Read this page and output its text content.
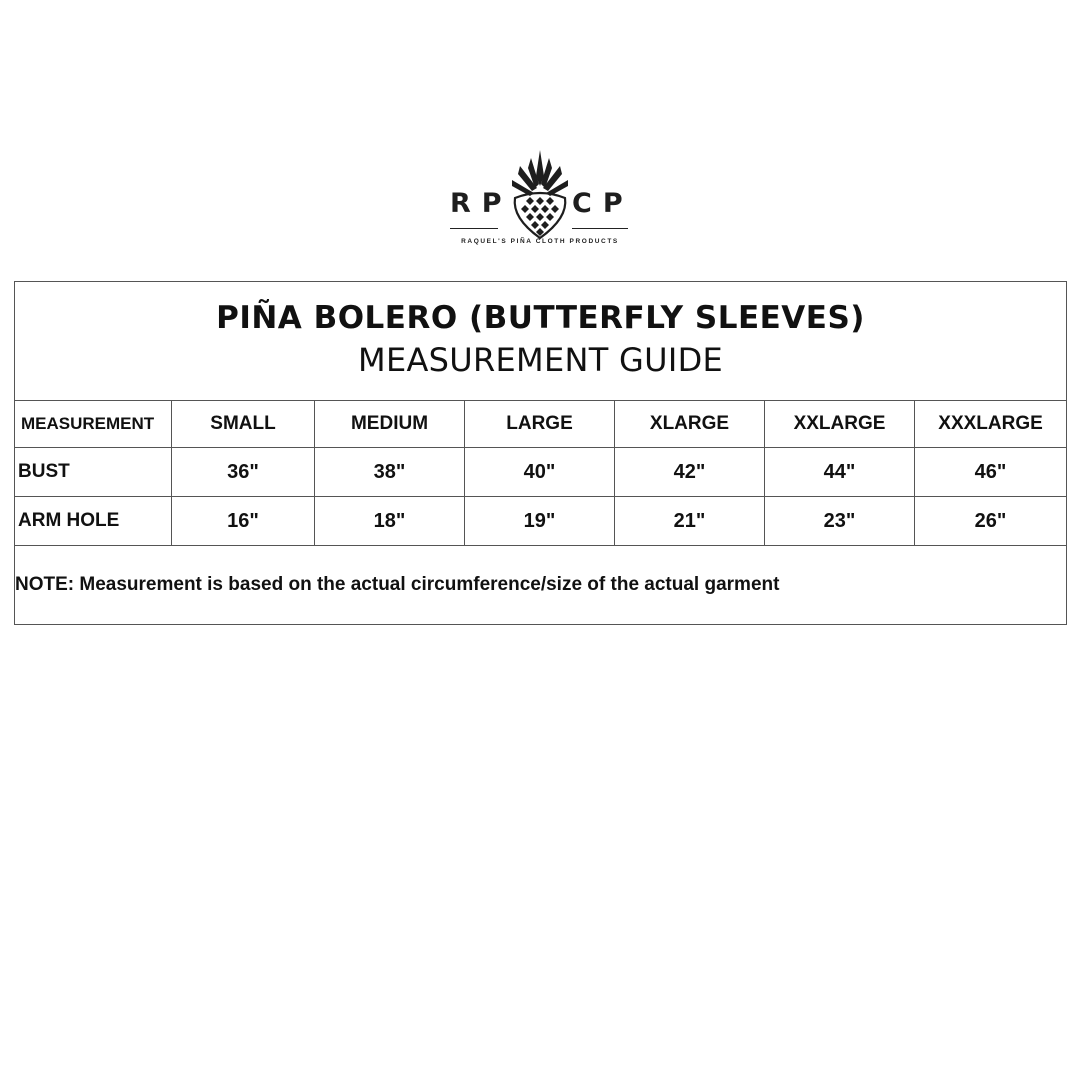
RP CP
RAQUEL'S PIÑA CLOTH PRODUCTS
PIÑA BOLERO (BUTTERFLY SLEEVES)
MEASUREMENT GUIDE						

MEASUREMENT	SMALL	MEDIUM	LARGE	XLARGE	XXLARGE	XXXLARGE
BUST	36"	38"	40"	42"	44"	46"
ARM HOLE	16"	18"	19"	21"	23"	26"
NOTE: Measurement is based on the actual circumference/size of the actual garment						
